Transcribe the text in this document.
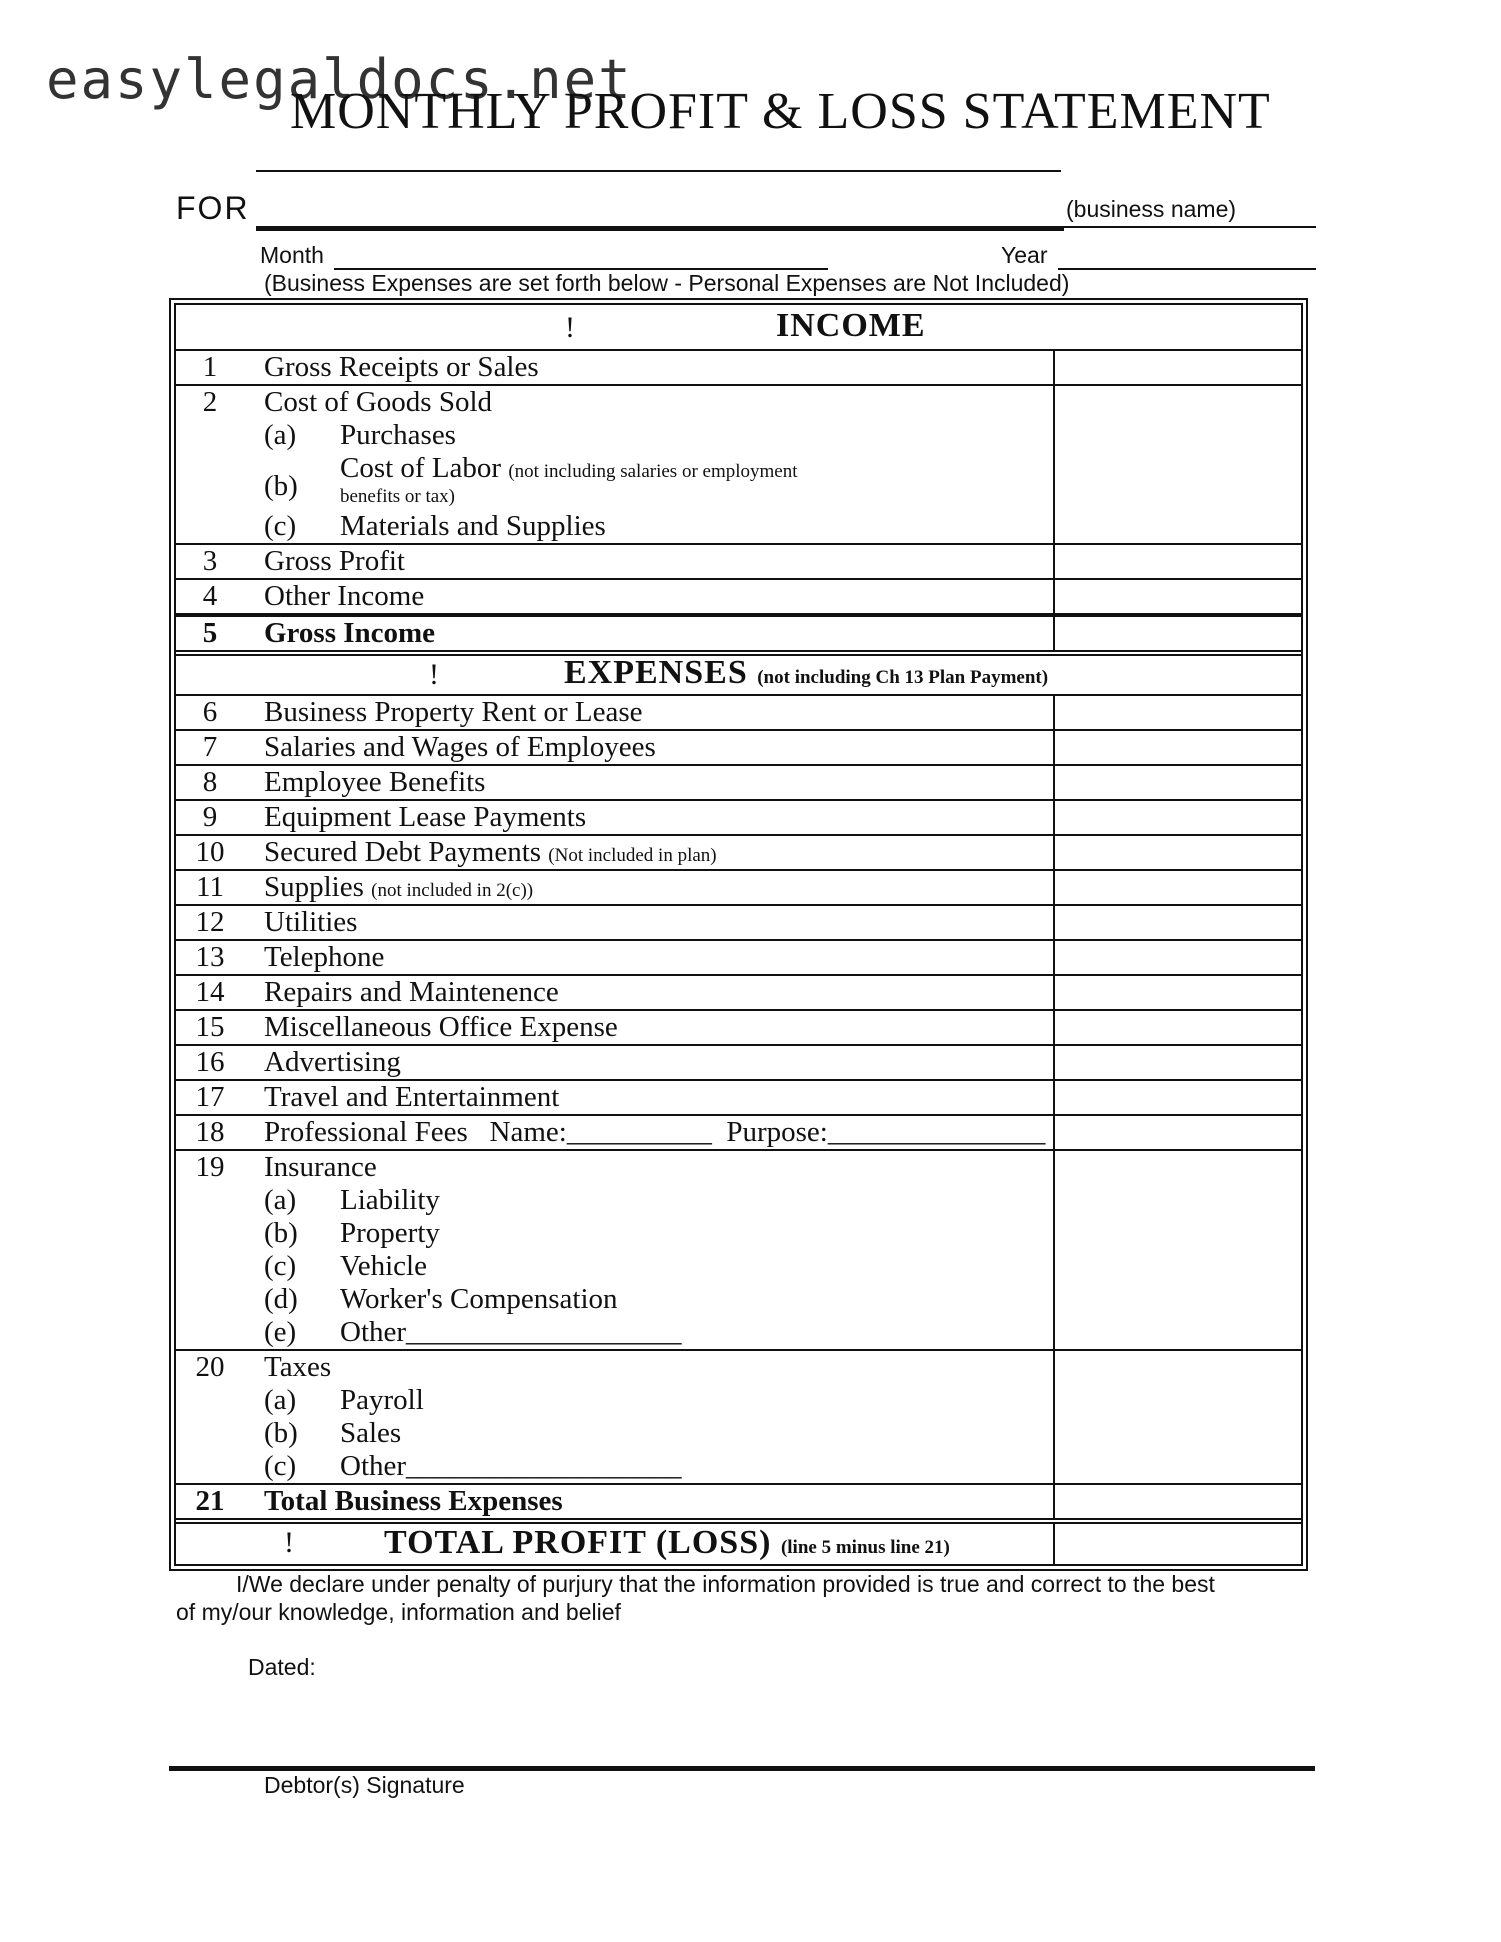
easylegaldocs.net
MONTHLY PROFIT & LOSS STATEMENT
FOR	(business name)
Month	Year
(Business Expenses are set forth below - Personal Expenses are Not Included)
!	INCOME
1	Gross Receipts or Sales
2	Cost of Goods Sold
(a) Purchases
(b)
Cost of Labor (not including salaries or employment
benefits or tax)
(c) Materials and Supplies
3	Gross Profit
4	Other Income
5	Gross Income
!	EXPENSES (not including Ch 13 Plan Payment)
6	Business Property Rent or Lease
7	Salaries and Wages of Employees
8	Employee Benefits
9	Equipment Lease Payments
10	Secured Debt Payments (Not included in plan)
11	Supplies (not included in 2(c))
12	Utilities
13	Telephone
14	Repairs and Maintenence
15	Miscellaneous Office Expense
16	Advertising
17	Travel and Entertainment
18	Professional Fees   Name:__________  Purpose:_______________
19	Insurance
(a) Liability
(b) Property
(c) Vehicle
(d) Worker's Compensation
(e) Other___________________
20	Taxes
(a) Payroll
(b) Sales
(c) Other___________________
21	Total Business Expenses
!	TOTAL PROFIT (LOSS) (line 5 minus line 21)
I/We declare under penalty of purjury that the information provided is true and correct to the best
of my/our knowledge, information and belief
Dated:
Debtor(s) Signature
